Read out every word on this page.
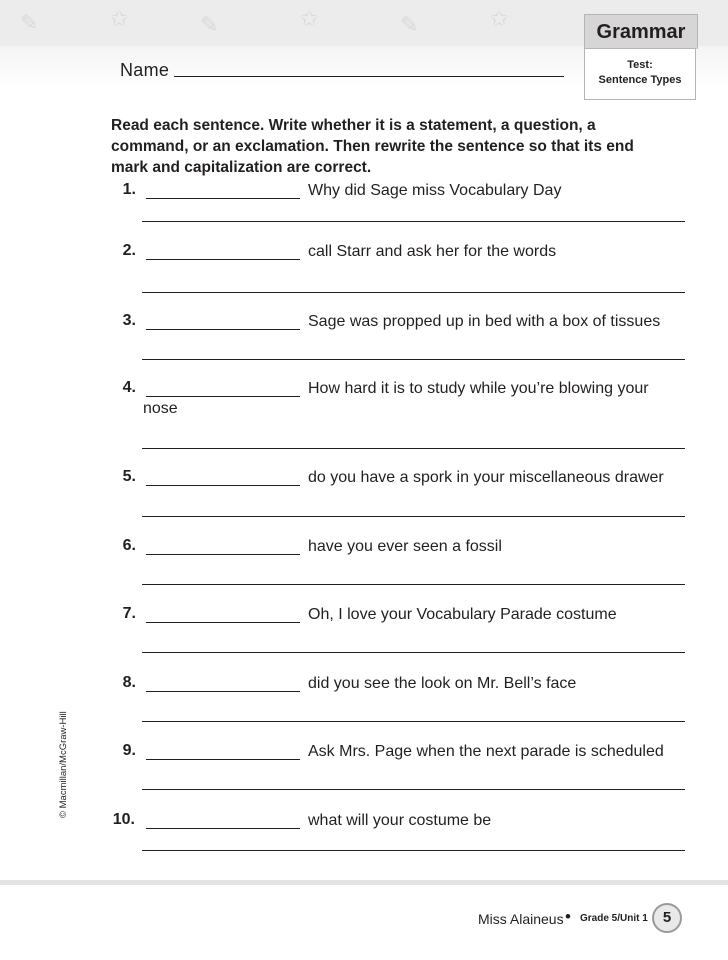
✎	✩	✎	✩	✎	✩
Grammar
Test:
Sentence Types
Name
Read each sentence. Write whether it is a statement, a question, a command, or an exclamation. Then rewrite the sentence so that its end mark and capitalization are correct.
1.	Why did Sage miss Vocabulary Day
2.	call Starr and ask her for the words
3.	Sage was propped up in bed with a box of tissues
4.	How hard it is to study while you’re blowing your
nose
5.	do you have a spork in your miscellaneous drawer
6.	have you ever seen a fossil
7.	Oh, I love your Vocabulary Parade costume
8.	did you see the look on Mr. Bell’s face
9.	Ask Mrs. Page when the next parade is scheduled
10.	what will your costume be
© Macmillan/McGraw-Hill
Miss Alaineus • Grade 5/Unit 1	5
